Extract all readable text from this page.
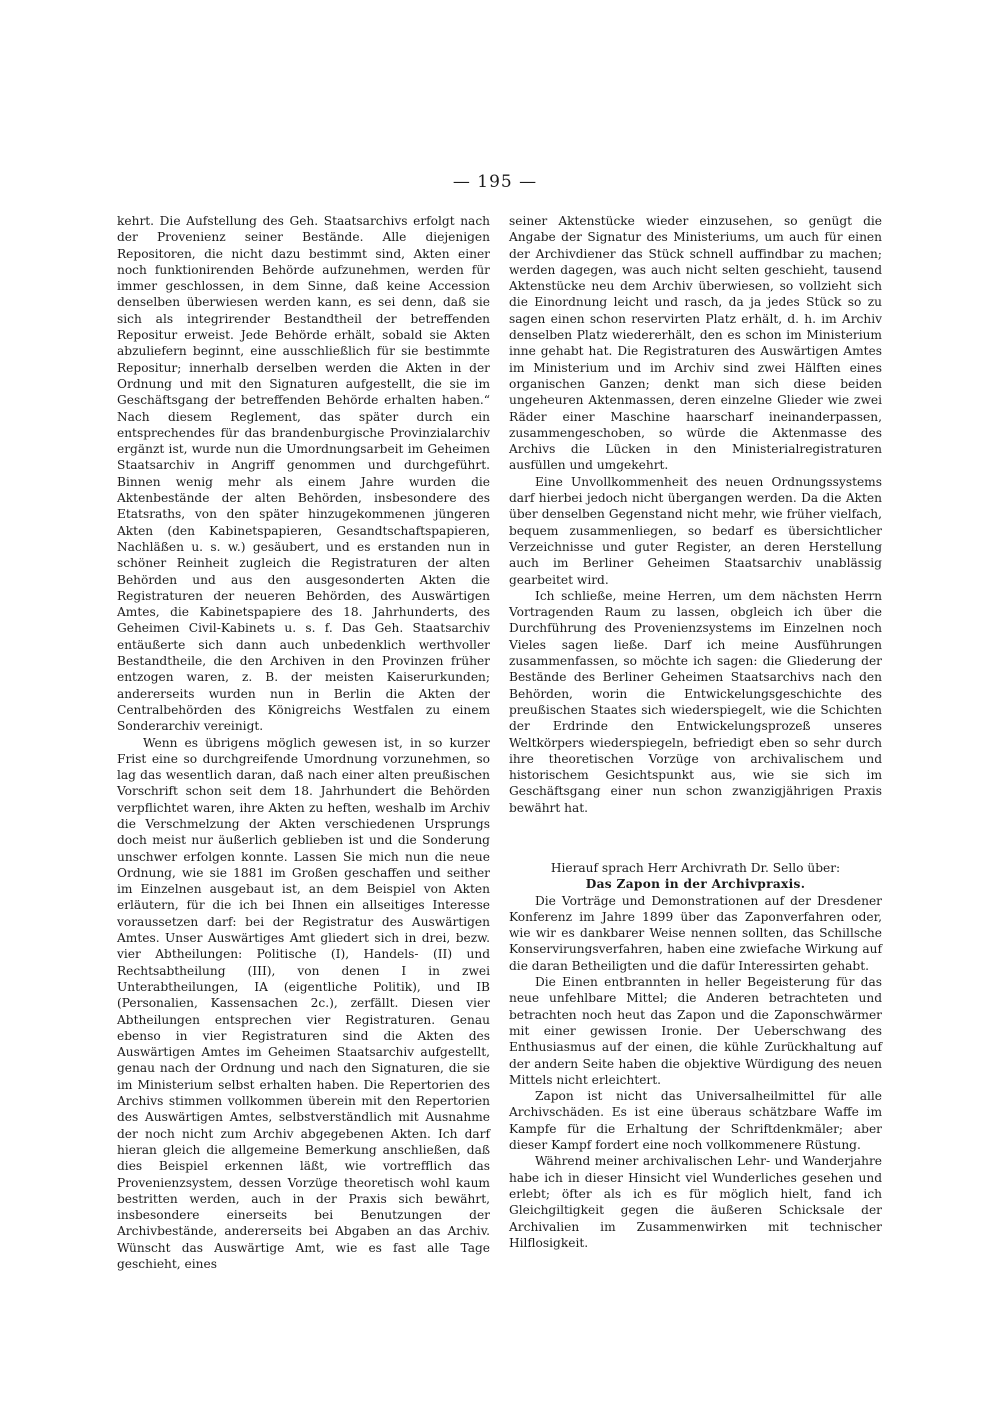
— 195 —

kehrt. Die Aufstellung des Geh. Staatsarchivs erfolgt nach der Provenienz seiner Bestände. Alle diejenigen Repositoren, die nicht dazu bestimmt sind, Akten einer noch funktionirenden Behörde aufzunehmen, werden für immer geschlossen, in dem Sinne, daß keine Accession denselben überwiesen werden kann, es sei denn, daß sie sich als integrirender Bestandtheil der betreffenden Repositur erweist. Jede Behörde erhält, sobald sie Akten abzuliefern beginnt, eine ausschließlich für sie bestimmte Repositur; innerhalb derselben werden die Akten in der Ordnung und mit den Signaturen aufgestellt, die sie im Geschäftsgang der betreffenden Behörde erhalten haben.“ Nach diesem Reglement, das später durch ein entsprechendes für das brandenburgische Provinzialarchiv ergänzt ist, wurde nun die Umordnungsarbeit im Geheimen Staatsarchiv in Angriff genommen und durchgeführt. Binnen wenig mehr als einem Jahre wurden die Aktenbestände der alten Behörden, insbesondere des Etatsraths, von den später hinzugekommenen jüngeren Akten (den Kabinetspapieren, Gesandtschaftspapieren, Nachläßen u. s. w.) gesäubert, und es erstanden nun in schöner Reinheit zugleich die Registraturen der alten Behörden und aus den ausgesonderten Akten die Registraturen der neueren Behörden, des Auswärtigen Amtes, die Kabinetspapiere des 18. Jahrhunderts, des Geheimen Civil-Kabinets u. s. f. Das Geh. Staatsarchiv entäußerte sich dann auch unbedenklich werthvoller Bestandtheile, die den Archiven in den Provinzen früher entzogen waren, z. B. der meisten Kaiserurkunden; andererseits wurden nun in Berlin die Akten der Centralbehörden des Königreichs Westfalen zu einem Sonderarchiv vereinigt.

Wenn es übrigens möglich gewesen ist, in so kurzer Frist eine so durchgreifende Umordnung vorzunehmen, so lag das wesentlich daran, daß nach einer alten preußischen Vorschrift schon seit dem 18. Jahrhundert die Behörden verpflichtet waren, ihre Akten zu heften, weshalb im Archiv die Verschmelzung der Akten verschiedenen Ursprungs doch meist nur äußerlich geblieben ist und die Sonderung unschwer erfolgen konnte. Lassen Sie mich nun die neue Ordnung, wie sie 1881 im Großen geschaffen und seither im Einzelnen ausgebaut ist, an dem Beispiel von Akten erläutern, für die ich bei Ihnen ein allseitiges Interesse voraussetzen darf: bei der Registratur des Auswärtigen Amtes. Unser Auswärtiges Amt gliedert sich in drei, bezw. vier Abtheilungen: Politische (I), Handels- (II) und Rechtsabtheilung (III), von denen I in zwei Unterabtheilungen, IA (eigentliche Politik), und IB (Personalien, Kassensachen 2c.), zerfällt. Diesen vier Abtheilungen entsprechen vier Registraturen. Genau ebenso in vier Registraturen sind die Akten des Auswärtigen Amtes im Geheimen Staatsarchiv aufgestellt, genau nach der Ordnung und nach den Signaturen, die sie im Ministerium selbst erhalten haben. Die Repertorien des Archivs stimmen vollkommen überein mit den Repertorien des Auswärtigen Amtes, selbstverständlich mit Ausnahme der noch nicht zum Archiv abgegebenen Akten. Ich darf hieran gleich die allgemeine Bemerkung anschließen, daß dies Beispiel erkennen läßt, wie vortrefflich das Provenienzsystem, dessen Vorzüge theoretisch wohl kaum bestritten werden, auch in der Praxis sich bewährt, insbesondere einerseits bei Benutzungen der Archivbestände, andererseits bei Abgaben an das Archiv. Wünscht das Auswärtige Amt, wie es fast alle Tage geschieht, eines

seiner Aktenstücke wieder einzusehen, so genügt die Angabe der Signatur des Ministeriums, um auch für einen der Archivdiener das Stück schnell auffindbar zu machen; werden dagegen, was auch nicht selten geschieht, tausend Aktenstücke neu dem Archiv überwiesen, so vollzieht sich die Einordnung leicht und rasch, da ja jedes Stück so zu sagen einen schon reservirten Platz erhält, d. h. im Archiv denselben Platz wiedererhält, den es schon im Ministerium inne gehabt hat. Die Registraturen des Auswärtigen Amtes im Ministerium und im Archiv sind zwei Hälften eines organischen Ganzen; denkt man sich diese beiden ungeheuren Aktenmassen, deren einzelne Glieder wie zwei Räder einer Maschine haarscharf ineinanderpassen, zusammengeschoben, so würde die Aktenmasse des Archivs die Lücken in den Ministerialregistraturen ausfüllen und umgekehrt.

Eine Unvollkommenheit des neuen Ordnungssystems darf hierbei jedoch nicht übergangen werden. Da die Akten über denselben Gegenstand nicht mehr, wie früher vielfach, bequem zusammenliegen, so bedarf es übersichtlicher Verzeichnisse und guter Register, an deren Herstellung auch im Berliner Geheimen Staatsarchiv unablässig gearbeitet wird.

Ich schließe, meine Herren, um dem nächsten Herrn Vortragenden Raum zu lassen, obgleich ich über die Durchführung des Provenienzsystems im Einzelnen noch Vieles sagen ließe. Darf ich meine Ausführungen zusammenfassen, so möchte ich sagen: die Gliederung der Bestände des Berliner Geheimen Staatsarchivs nach den Behörden, worin die Entwickelungsgeschichte des preußischen Staates sich wiederspiegelt, wie die Schichten der Erdrinde den Entwickelungsprozeß unseres Weltkörpers wiederspiegeln, befriedigt eben so sehr durch ihre theoretischen Vorzüge von archivalischem und historischem Gesichtspunkt aus, wie sie sich im Geschäftsgang einer nun schon zwanzigjährigen Praxis bewährt hat.

Hierauf sprach Herr Archivrath Dr. Sello über:

Das Zapon in der Archivpraxis.

Die Vorträge und Demonstrationen auf der Dresdener Konferenz im Jahre 1899 über das Zaponverfahren oder, wie wir es dankbarer Weise nennen sollten, das Schillsche Konservirungsverfahren, haben eine zwiefache Wirkung auf die daran Betheiligten und die dafür Interessirten gehabt.

Die Einen entbrannten in heller Begeisterung für das neue unfehlbare Mittel; die Anderen betrachteten und betrachten noch heut das Zapon und die Zaponschwärmer mit einer gewissen Ironie. Der Ueberschwang des Enthusiasmus auf der einen, die kühle Zurückhaltung auf der andern Seite haben die objektive Würdigung des neuen Mittels nicht erleichtert.

Zapon ist nicht das Universalheilmittel für alle Archivschäden. Es ist eine überaus schätzbare Waffe im Kampfe für die Erhaltung der Schriftdenkmäler; aber dieser Kampf fordert eine noch vollkommenere Rüstung.

Während meiner archivalischen Lehr- und Wanderjahre habe ich in dieser Hinsicht viel Wunderliches gesehen und erlebt; öfter als ich es für möglich hielt, fand ich Gleichgiltigkeit gegen die äußeren Schicksale der Archivalien im Zusammenwirken mit technischer Hilflosigkeit.
